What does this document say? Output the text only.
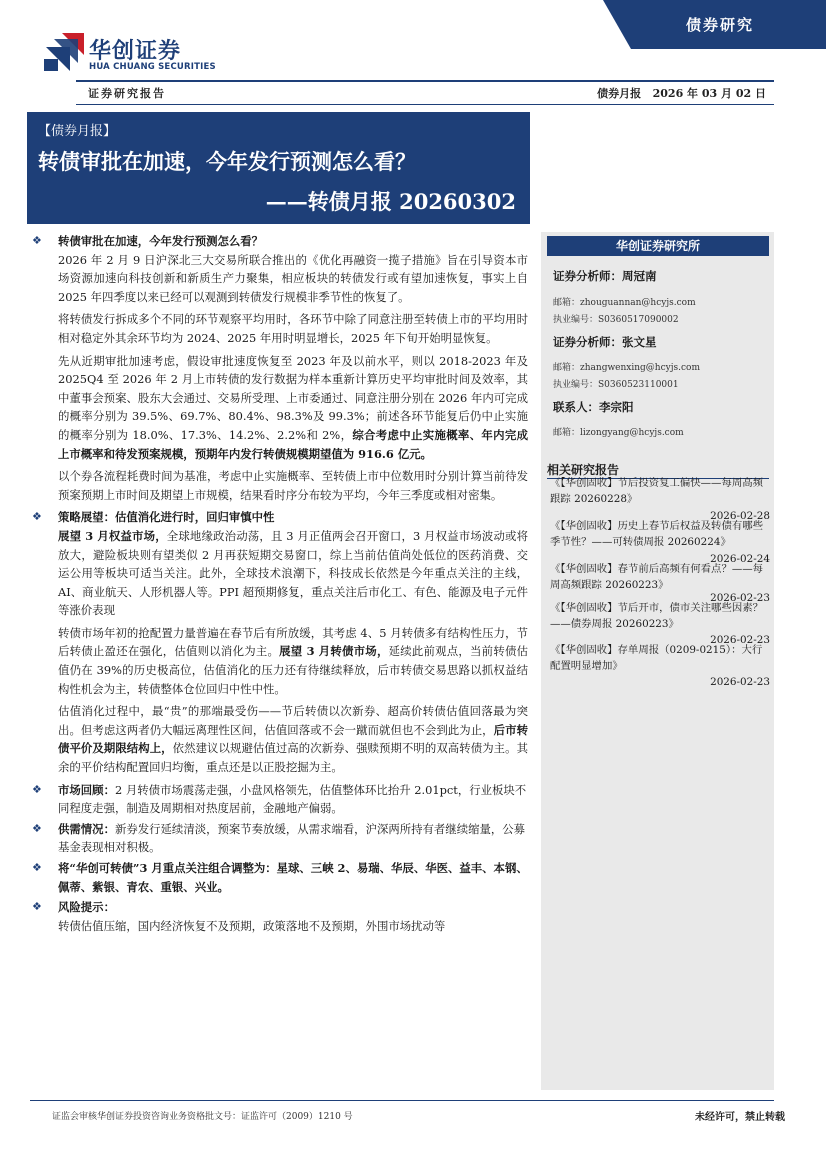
债券研究
华创证券
HUA CHUANG SECURITIES
证券研究报告	债券月报 2026 年 03 月 02 日
【债券月报】
转债审批在加速，今年发行预测怎么看？
——转债月报 20260302
❖ 转债审批在加速，今年发行预测怎么看？
2026 年 2 月 9 日沪深北三大交易所联合推出的《优化再融资一揽子措施》旨在引导资本市场资源加速向科技创新和新质生产力聚集，相应板块的转债发行或有望加速恢复，事实上自 2025 年四季度以来已经可以观测到转债发行规模非季节性的恢复了。
将转债发行拆成多个不同的环节观察平均用时，各环节中除了同意注册至转债上市的平均用时相对稳定外其余环节均为 2024、2025 年用时明显增长，2025 年下旬开始明显恢复。
先从近期审批加速考虑，假设审批速度恢复至 2023 年及以前水平，则以 2018-2023 年及 2025Q4 至 2026 年 2 月上市转债的发行数据为样本重新计算历史平均审批时间及效率，其中董事会预案、股东大会通过、交易所受理、上市委通过、同意注册分别在 2026 年内可完成的概率分别为 39.5%、69.7%、80.4%、98.3%及 99.3%；前述各环节能复后仍中止实施的概率分别为 18.0%、17.3%、14.2%、2.2%和 2%，综合考虑中止实施概率、年内完成上市概率和待发预案规模，预期年内发行转债规模期望值为 916.6 亿元。
以个券各流程耗费时间为基准，考虑中止实施概率、至转债上市中位数用时分别计算当前待发预案预期上市时间及期望上市规模，结果看时序分布较为平均，今年三季度或相对密集。
❖ 策略展望：估值消化进行时，回归审慎中性
展望 3 月权益市场，全球地缘政治动荡，且 3 月正值两会召开窗口，3 月权益市场波动或将放大，避险板块则有望类似 2 月再获短期交易窗口，综上当前估值尚处低位的医药消费、交运公用等板块可适当关注。此外，全球技术浪潮下，科技成长依然是今年重点关注的主线，AI、商业航天、人形机器人等。PPI 超预期修复，重点关注后市化工、有色、能源及电子元件等涨价表现
转债市场年初的抢配置力量普遍在春节后有所放缓，其考虑 4、5 月转债多有结构性压力，节后转债止盈还在强化，估值则以消化为主。展望 3 月转债市场，延续此前观点，当前转债估值仍在 39%的历史极高位，估值消化的压力还有待继续释放，后市转债交易思路以抓权益结构性机会为主，转债整体仓位回归中性中性。
估值消化过程中，最“贵”的那端最受伤——节后转债以次新券、超高价转债估值回落最为突出。但考虑这两者仍大幅远离理性区间，估值回落或不会一蹴而就但也不会到此为止，后市转债平价及期限结构上，依然建议以规避估值过高的次新券、强赎预期不明的双高转债为主。其余的平价结构配置回归均衡，重点还是以正股挖掘为主。
❖ 市场回顾：2 月转债市场震荡走强，小盘风格领先，估值整体环比抬升 2.01pct，行业板块不同程度走强，制造及周期相对热度居前，金融地产偏弱。
❖ 供需情况：新券发行延续清淡，预案节奏放缓，从需求端看，沪深两所持有者继续缩量，公募基金表现相对积极。
❖ 将“华创可转债”3 月重点关注组合调整为：星球、三峡 2、易瑞、华辰、华医、益丰、本钢、佩蒂、紫银、青农、重银、兴业。
❖ 风险提示：
转债估值压缩，国内经济恢复不及预期，政策落地不及预期，外围市场扰动等
华创证券研究所
证券分析师：周冠南
邮箱：zhouguannan@hcyjs.com
执业编号：S0360517090002
证券分析师：张文星
邮箱：zhangwenxing@hcyjs.com
执业编号：S0360523110001
联系人：李宗阳
邮箱：lizongyang@hcyjs.com
相关研究报告
《【华创固收】节后投资复工偏快——每周高频跟踪 20260228》
2026-02-28
《【华创固收】历史上春节后权益及转债有哪些季节性？——可转债周报 20260224》
2026-02-24
《【华创固收】春节前后高频有何看点？——每周高频跟踪 20260223》
2026-02-23
《【华创固收】节后开市，债市关注哪些因素？——债券周报 20260223》
2026-02-23
《【华创固收】存单周报（0209-0215）：大行配置明显增加》
2026-02-23
证监会审核华创证券投资咨询业务资格批文号：证监许可（2009）1210 号	未经许可，禁止转载
